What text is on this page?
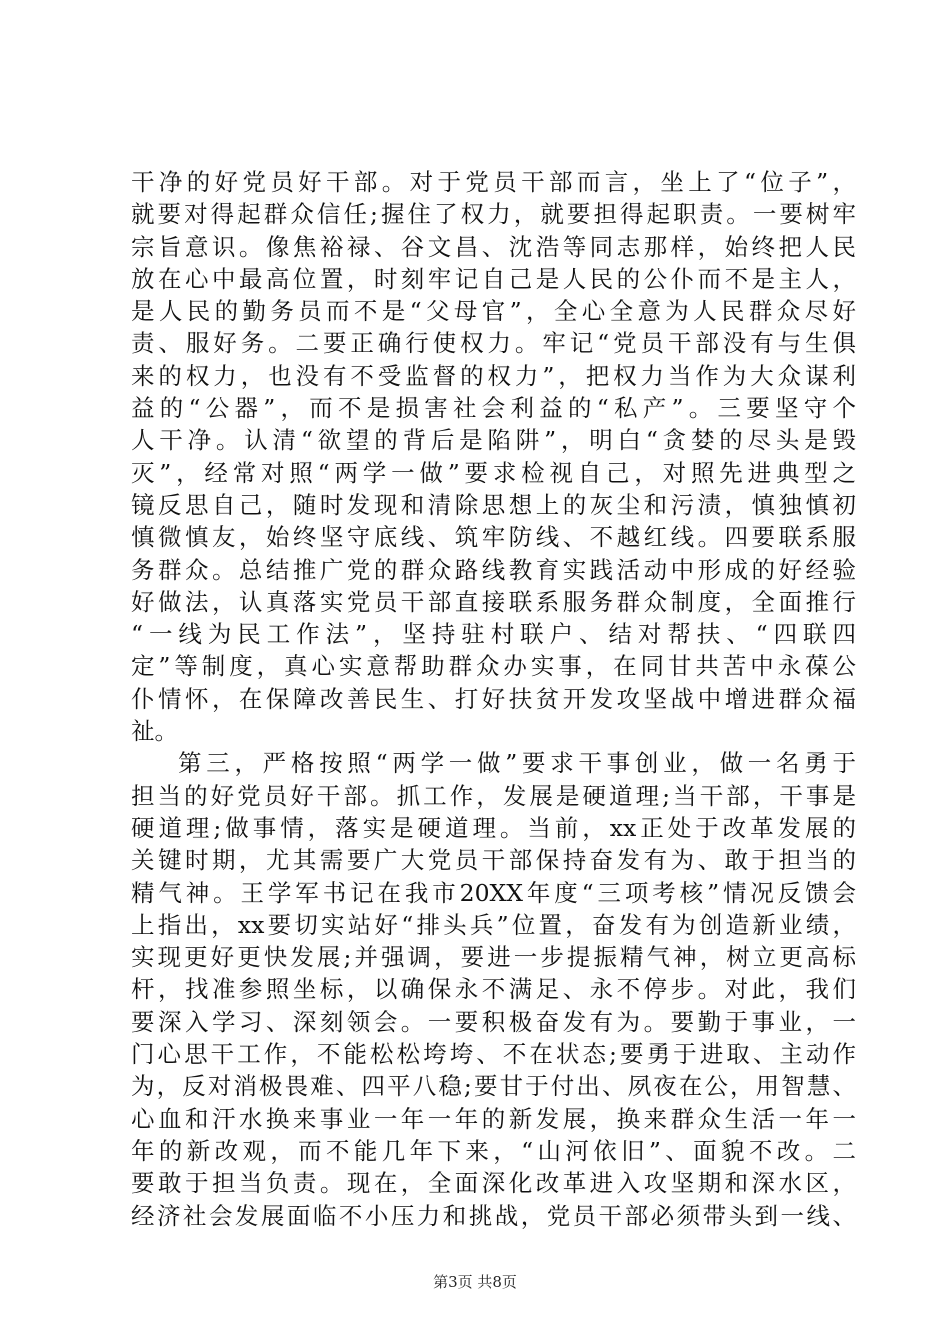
干净的好党员好干部。对于党员干部而言，坐上了“位子”，
就要对得起群众信任;握住了权力，就要担得起职责。一要树牢
宗旨意识。像焦裕禄、谷文昌、沈浩等同志那样，始终把人民
放在心中最高位置，时刻牢记自己是人民的公仆而不是主人，
是人民的勤务员而不是“父母官”，全心全意为人民群众尽好
责、服好务。二要正确行使权力。牢记“党员干部没有与生俱
来的权力，也没有不受监督的权力”，把权力当作为大众谋利
益的“公器”，而不是损害社会利益的“私产”。三要坚守个
人干净。认清“欲望的背后是陷阱”，明白“贪婪的尽头是毁
灭”，经常对照“两学一做”要求检视自己，对照先进典型之
镜反思自己，随时发现和清除思想上的灰尘和污渍，慎独慎初
慎微慎友，始终坚守底线、筑牢防线、不越红线。四要联系服
务群众。总结推广党的群众路线教育实践活动中形成的好经验
好做法，认真落实党员干部直接联系服务群众制度，全面推行
“一线为民工作法”，坚持驻村联户、结对帮扶、“四联四
定”等制度，真心实意帮助群众办实事，在同甘共苦中永葆公
仆情怀，在保障改善民生、打好扶贫开发攻坚战中增进群众福
祉。
第三，严格按照“两学一做”要求干事创业，做一名勇于
担当的好党员好干部。抓工作，发展是硬道理;当干部，干事是
硬道理;做事情，落实是硬道理。当前，xx正处于改革发展的
关键时期，尤其需要广大党员干部保持奋发有为、敢于担当的
精气神。王学军书记在我市20XX年度“三项考核”情况反馈会
上指出，xx要切实站好“排头兵”位置，奋发有为创造新业绩，
实现更好更快发展;并强调，要进一步提振精气神，树立更高标
杆，找准参照坐标，以确保永不满足、永不停步。对此，我们
要深入学习、深刻领会。一要积极奋发有为。要勤于事业，一
门心思干工作，不能松松垮垮、不在状态;要勇于进取、主动作
为，反对消极畏难、四平八稳;要甘于付出、夙夜在公，用智慧、
心血和汗水换来事业一年一年的新发展，换来群众生活一年一
年的新改观，而不能几年下来，“山河依旧”、面貌不改。二
要敢于担当负责。现在，全面深化改革进入攻坚期和深水区，
经济社会发展面临不小压力和挑战，党员干部必须带头到一线、
第3页 共8页
